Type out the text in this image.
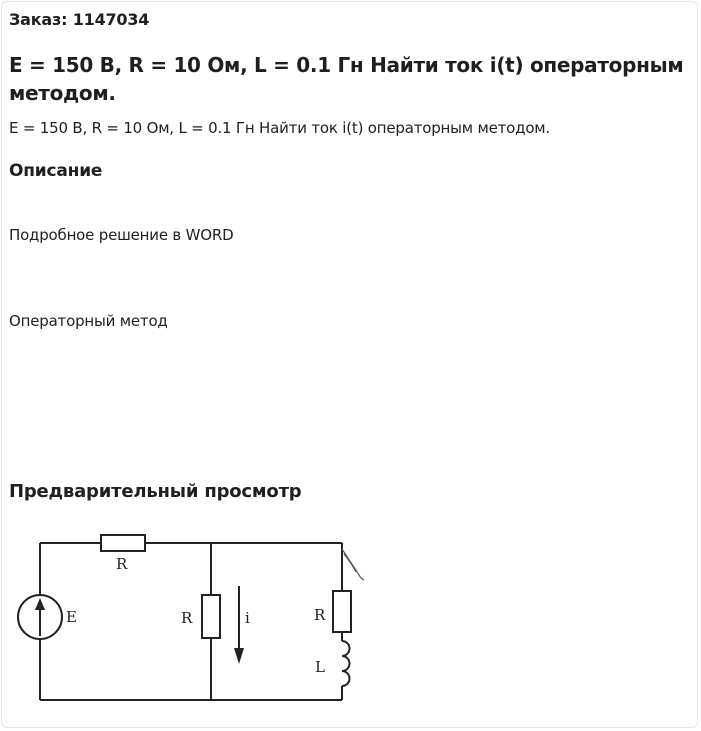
Заказ: 1147034
E = 150 В, R = 10 Ом, L = 0.1 Гн Найти ток i(t) операторным методом.
E = 150 В, R = 10 Ом, L = 0.1 Гн Найти ток i(t) операторным методом.
Описание
Подробное решение в WORD
Операторный метод
Предварительный просмотр
R
E	R	i	R
L
